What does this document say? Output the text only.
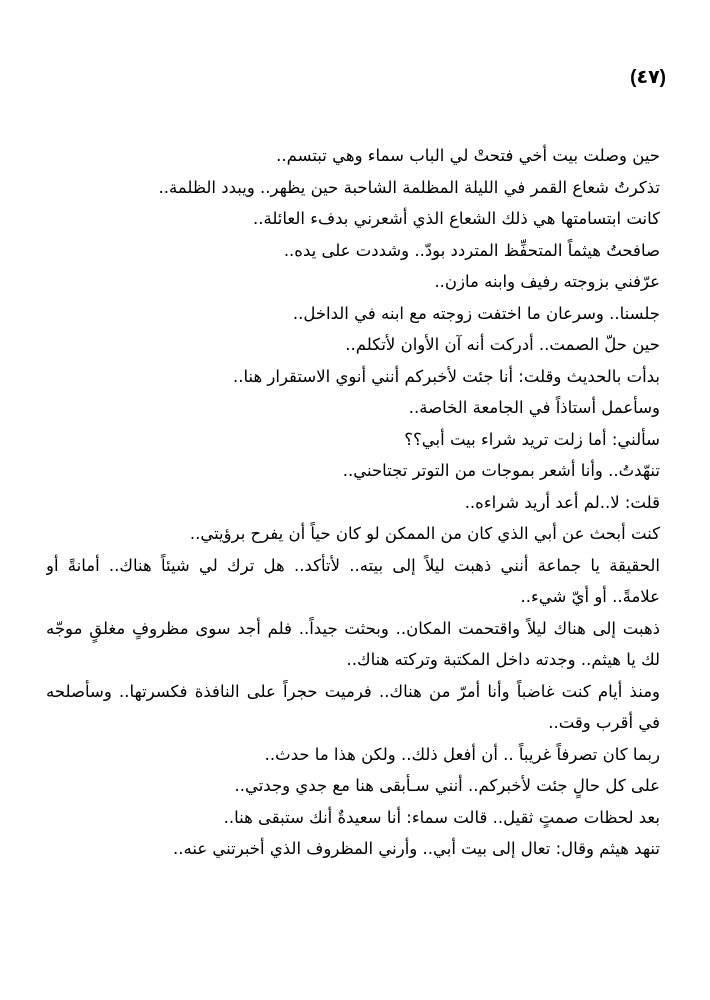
(٤٧)
حين وصلت بيت أخي فتحتْ لي الباب سماء وهي تبتسم..
تذكرتُ شعاع القمر في الليلة المظلمة الشاحبة حين يظهر.. ويبدد الظلمة..
كانت ابتسامتها هي ذلك الشعاع الذي أشعرني بدفء العائلة..
صافحتُ هيثماً المتحفِّظ المتردد بودّ.. وشددت على يده..
عرّفني بزوجته رفيف وابنه مازن..
جلسنا.. وسرعان ما اختفت زوجته مع ابنه في الداخل..
حين حلّ الصمت.. أدركت أنه آن الأوان لأتكلم..
بدأت بالحديث وقلت: أنا جئت لأخبركم أنني أنوي الاستقرار هنا..
وسأعمل أستاذاً في الجامعة الخاصة..
سألني: أما زلت تريد شراء بيت أبي؟؟
تنهّدتُ.. وأنا أشعر بموجات من التوتر تجتاحني..
قلت: لا..لم أعد أريد شراءه..
كنت أبحث عن أبي الذي كان من الممكن لو كان حياً أن يفرح برؤيتي..
الحقيقة يا جماعة أنني ذهبت ليلاً إلى بيته.. لأتأكد.. هل ترك لي شيئاً هناك.. أمانةً أو
علامةً.. أو أيّ شيء..
ذهبت إلى هناك ليلاً واقتحمت المكان.. وبحثت جيداً.. فلم أجد سوى مظروفٍ مغلقٍ موجّه
لك يا هيثم.. وجدته داخل المكتبة وتركته هناك..
ومنذ أيام كنت غاضباً وأنا أمرّ من هناك.. فرميت حجراً على النافذة فكسرتها.. وسأصلحه
في أقرب وقت..
ربما كان تصرفاً غريباً .. أن أفعل ذلك.. ولكن هذا ما حدث..
على كل حالٍ جئت لأخبركم.. أنني سـأبقى هنا مع جدي وجدتي..
بعد لحظات صمتٍ ثقيل.. قالت سماء: أنا سعيدةٌ أنك ستبقى هنا..
تنهد هيثم وقال: تعال إلى بيت أبي.. وأرني المظروف الذي أخبرتني عنه..
